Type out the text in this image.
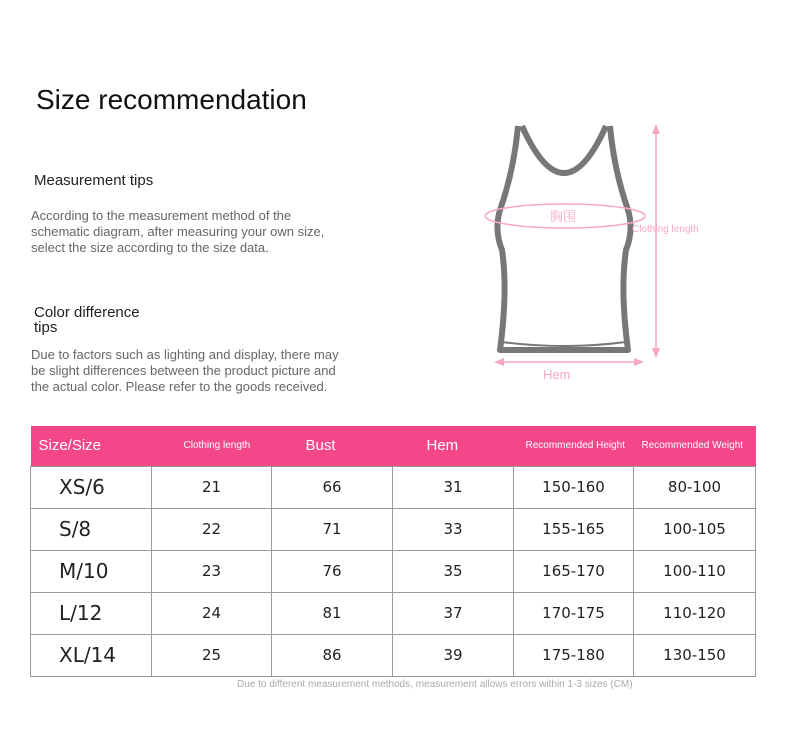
Size recommendation
Measurement tips
According to the measurement method of the
schematic diagram, after measuring your own size,
select the size according to the size data.
Color difference
tips
Due to factors such as lighting and display, there may
be slight differences between the product picture and
the actual color. Please refer to the goods received.
胸围
Clothing length
Hem
Size/Size	Clothing length	Bust	Hem	Recommended Height	Recommended Weight
XS/6	21	66	31	150-160	80-100
S/8	22	71	33	155-165	100-105
M/10	23	76	35	165-170	100-110
L/12	24	81	37	170-175	110-120
XL/14	25	86	39	175-180	130-150
Due to different measurement methods, measurement allows errors within 1-3 sizes (CM)
